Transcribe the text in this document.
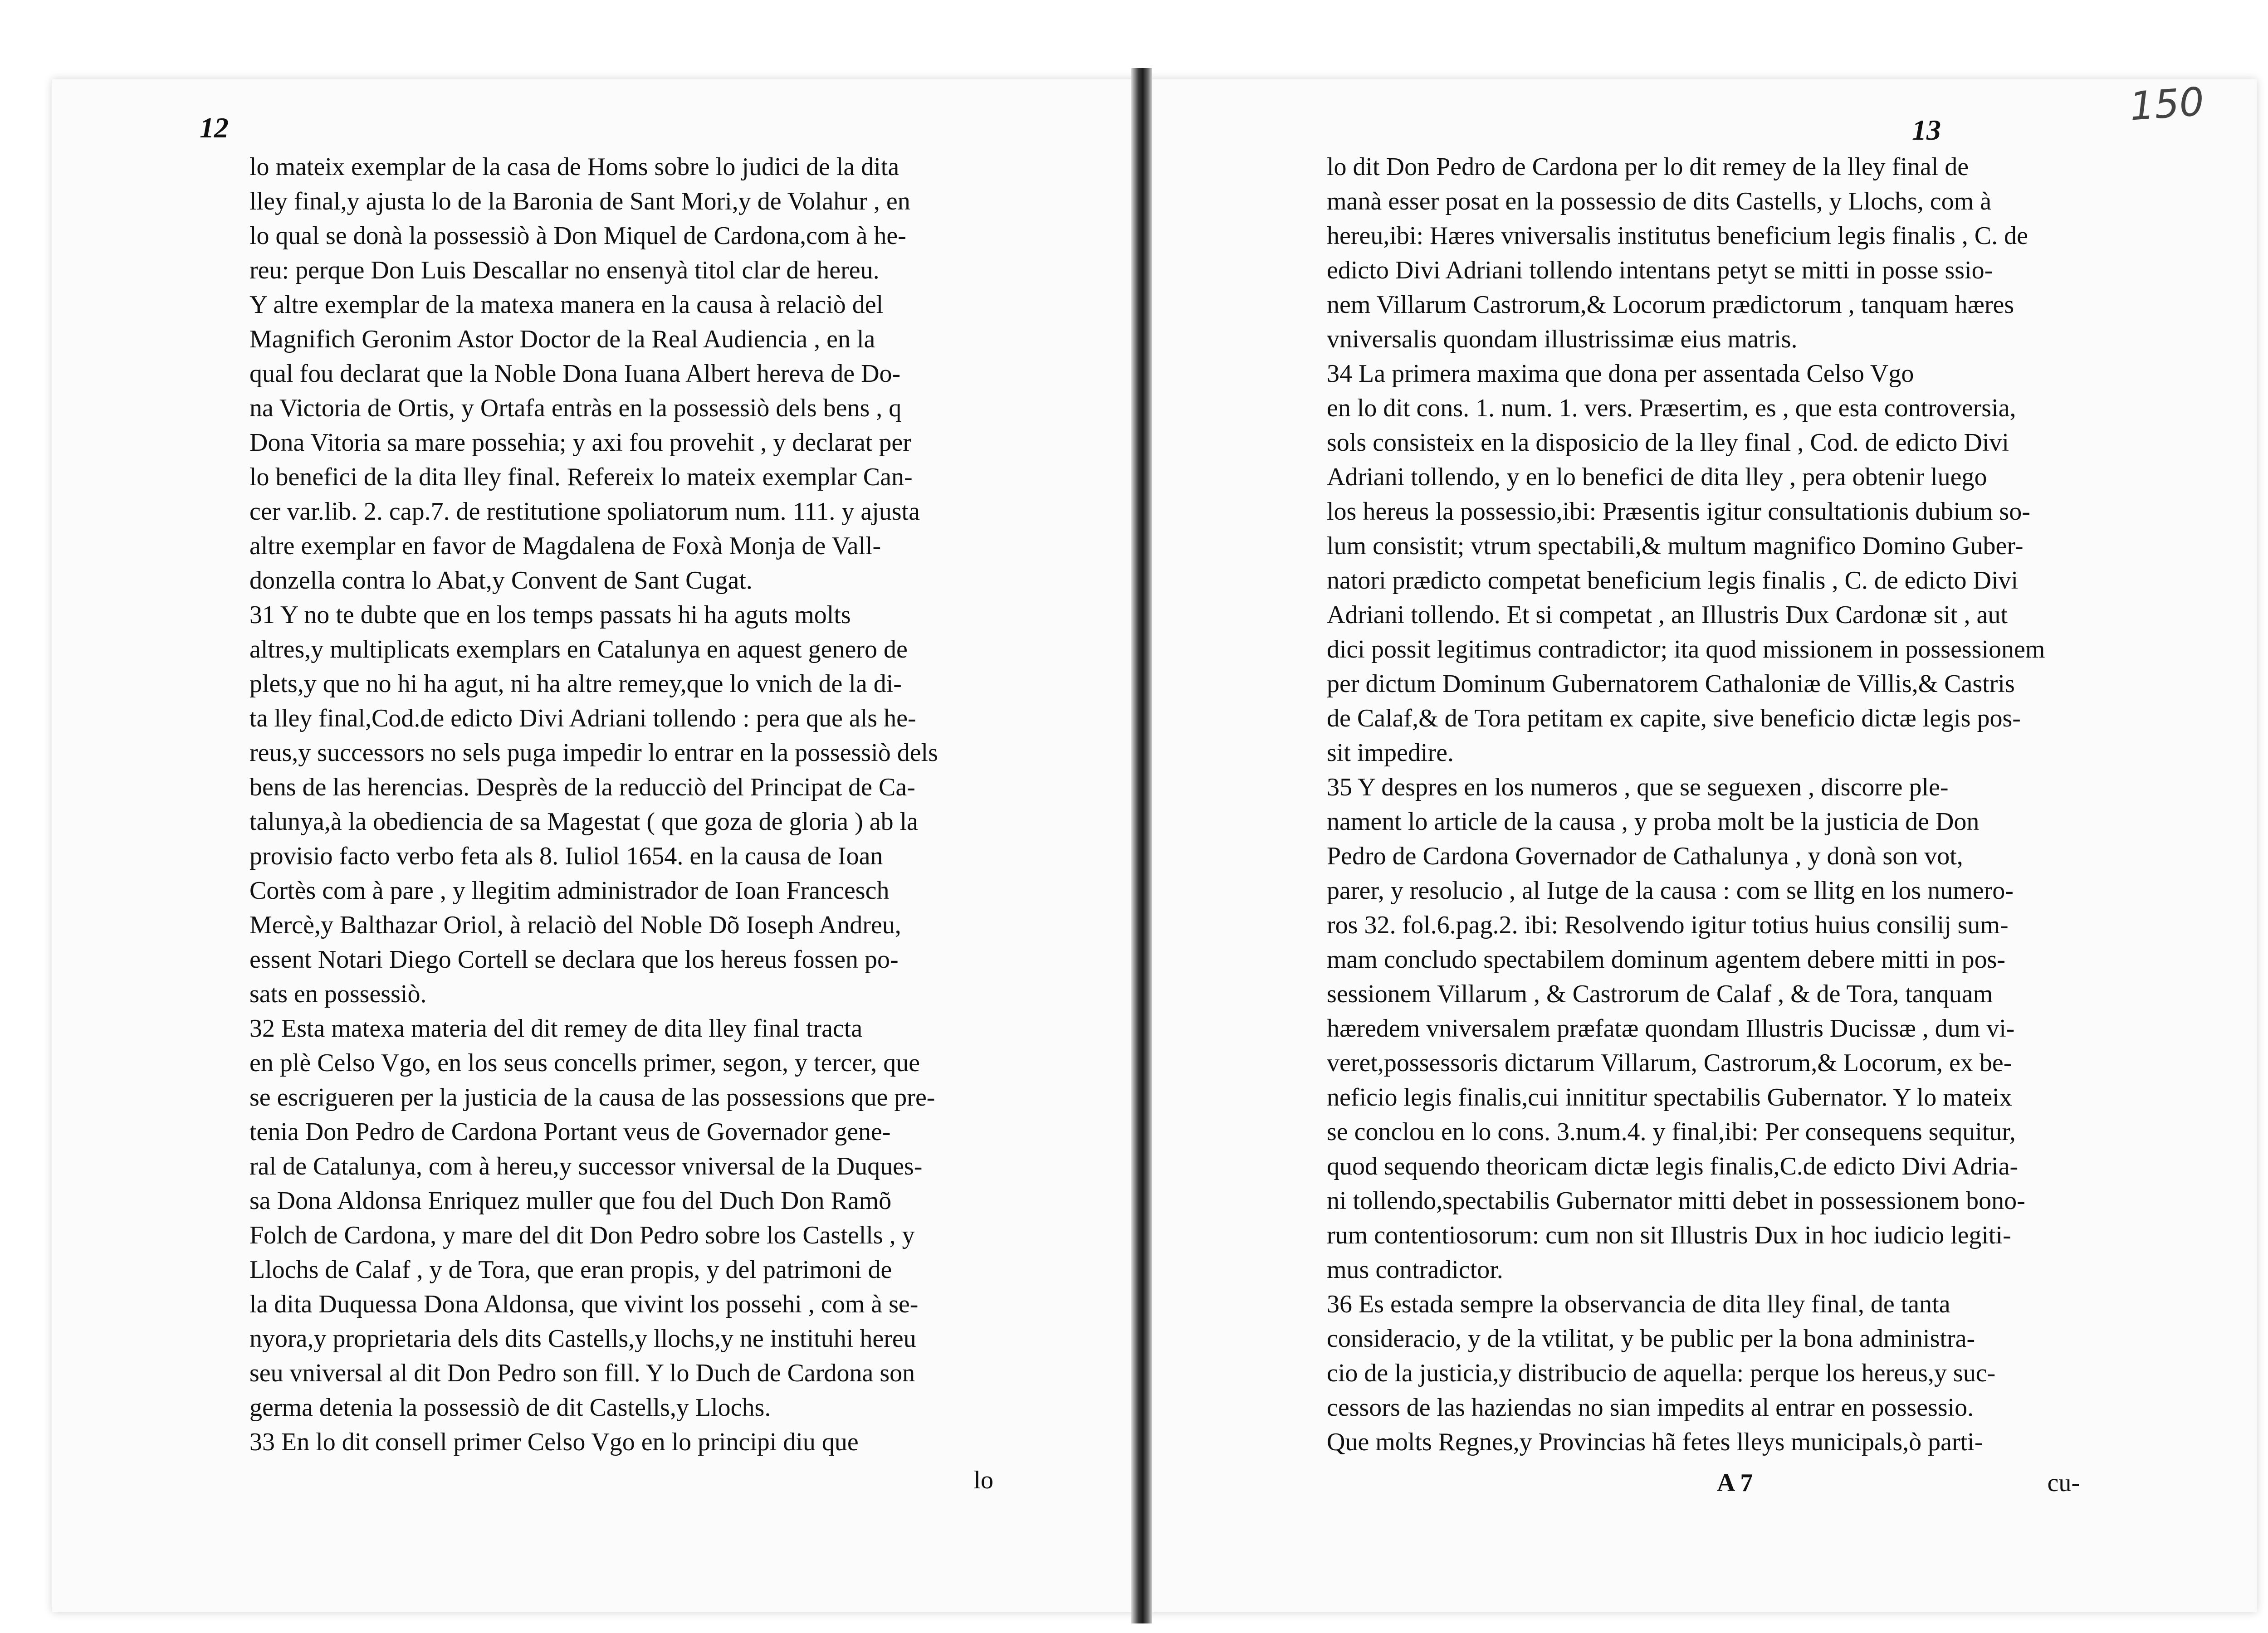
12	13
150
lo mateix exemplar de la casa de Homs sobre lo judici de la dita
lley final,y ajusta lo de la Baronia de Sant Mori,y de Volahur , en
lo qual se donà la possessiò à Don Miquel de Cardona,com à he-
reu: perque Don Luis Descallar no ensenyà titol clar de hereu.
Y altre exemplar de la matexa manera en la causa à relaciò del
Magnifich Geronim Astor Doctor de la Real Audiencia , en la
qual fou declarat que la Noble Dona Iuana Albert hereva de Do-
na Victoria de Ortis, y Ortafa entràs en la possessiò dels bens , q
Dona Vitoria sa mare possehia; y axi fou provehit , y declarat per
lo benefici de la dita lley final. Refereix lo mateix exemplar Can-
cer var.lib. 2. cap.7. de restitutione spoliatorum num. 111. y ajusta
altre exemplar en favor de Magdalena de Foxà Monja de Vall-
donzella contra lo Abat,y Convent de Sant Cugat.
31 Y no te dubte que en los temps passats hi ha aguts molts
altres,y multiplicats exemplars en Catalunya en aquest genero de
plets,y que no hi ha agut, ni ha altre remey,que lo vnich de la di-
ta lley final,Cod.de edicto Divi Adriani tollendo : pera que als he-
reus,y successors no sels puga impedir lo entrar en la possessiò dels
bens de las herencias. Desprès de la reducciò del Principat de Ca-
talunya,à la obediencia de sa Magestat ( que goza de gloria ) ab la
provisio facto verbo feta als 8. Iuliol 1654. en la causa de Ioan
Cortès com à pare , y llegitim administrador de Ioan Francesch
Mercè,y Balthazar Oriol, à relaciò del Noble Dõ Ioseph Andreu,
essent Notari Diego Cortell se declara que los hereus fossen po-
sats en possessiò.
32 Esta matexa materia del dit remey de dita lley final tracta
en plè Celso Vgo, en los seus concells primer, segon, y tercer, que
se escrigueren per la justicia de la causa de las possessions que pre-
tenia Don Pedro de Cardona Portant veus de Governador gene-
ral de Catalunya, com à hereu,y successor vniversal de la Duques-
sa Dona Aldonsa Enriquez muller que fou del Duch Don Ramõ
Folch de Cardona, y mare del dit Don Pedro sobre los Castells , y
Llochs de Calaf , y de Tora, que eran propis, y del patrimoni de
la dita Duquessa Dona Aldonsa, que vivint los possehi , com à se-
nyora,y proprietaria dels dits Castells,y llochs,y ne instituhi hereu
seu vniversal al dit Don Pedro son fill. Y lo Duch de Cardona son
germa detenia la possessiò de dit Castells,y Llochs.
33 En lo dit consell primer Celso Vgo en lo principi diu que
lo
lo dit Don Pedro de Cardona per lo dit remey de la lley final de
manà esser posat en la possessio de dits Castells, y Llochs, com à
hereu,ibi: Hæres vniversalis institutus beneficium legis finalis , C. de
edicto Divi Adriani tollendo intentans petyt se mitti in posse ssio-
nem Villarum Castrorum,& Locorum prædictorum , tanquam hæres
vniversalis quondam illustrissimæ eius matris.
34 La primera maxima que dona per assentada Celso Vgo
en lo dit cons. 1. num. 1. vers. Præsertim, es , que esta controversia,
sols consisteix en la disposicio de la lley final , Cod. de edicto Divi
Adriani tollendo, y en lo benefici de dita lley , pera obtenir luego
los hereus la possessio,ibi: Præsentis igitur consultationis dubium so-
lum consistit; vtrum spectabili,& multum magnifico Domino Guber-
natori prædicto competat beneficium legis finalis , C. de edicto Divi
Adriani tollendo. Et si competat , an Illustris Dux Cardonæ sit , aut
dici possit legitimus contradictor; ita quod missionem in possessionem
per dictum Dominum Gubernatorem Cathaloniæ de Villis,& Castris
de Calaf,& de Tora petitam ex capite, sive beneficio dictæ legis pos-
sit impedire.
35 Y despres en los numeros , que se seguexen , discorre ple-
nament lo article de la causa , y proba molt be la justicia de Don
Pedro de Cardona Governador de Cathalunya , y donà son vot,
parer, y resolucio , al Iutge de la causa : com se llitg en los numero-
ros 32. fol.6.pag.2. ibi: Resolvendo igitur totius huius consilij sum-
mam concludo spectabilem dominum agentem debere mitti in pos-
sessionem Villarum , & Castrorum de Calaf , & de Tora, tanquam
hæredem vniversalem præfatæ quondam Illustris Ducissæ , dum vi-
veret,possessoris dictarum Villarum, Castrorum,& Locorum, ex be-
neficio legis finalis,cui innititur spectabilis Gubernator. Y lo mateix
se conclou en lo cons. 3.num.4. y final,ibi: Per consequens sequitur,
quod sequendo theoricam dictæ legis finalis,C.de edicto Divi Adria-
ni tollendo,spectabilis Gubernator mitti debet in possessionem bono-
rum contentiosorum: cum non sit Illustris Dux in hoc iudicio legiti-
mus contradictor.
36 Es estada sempre la observancia de dita lley final, de tanta
consideracio, y de la vtilitat, y be public per la bona administra-
cio de la justicia,y distribucio de aquella: perque los hereus,y suc-
cessors de las haziendas no sian impedits al entrar en possessio.
Que molts Regnes,y Provincias hã fetes lleys municipals,ò parti-
A 7	cu-
